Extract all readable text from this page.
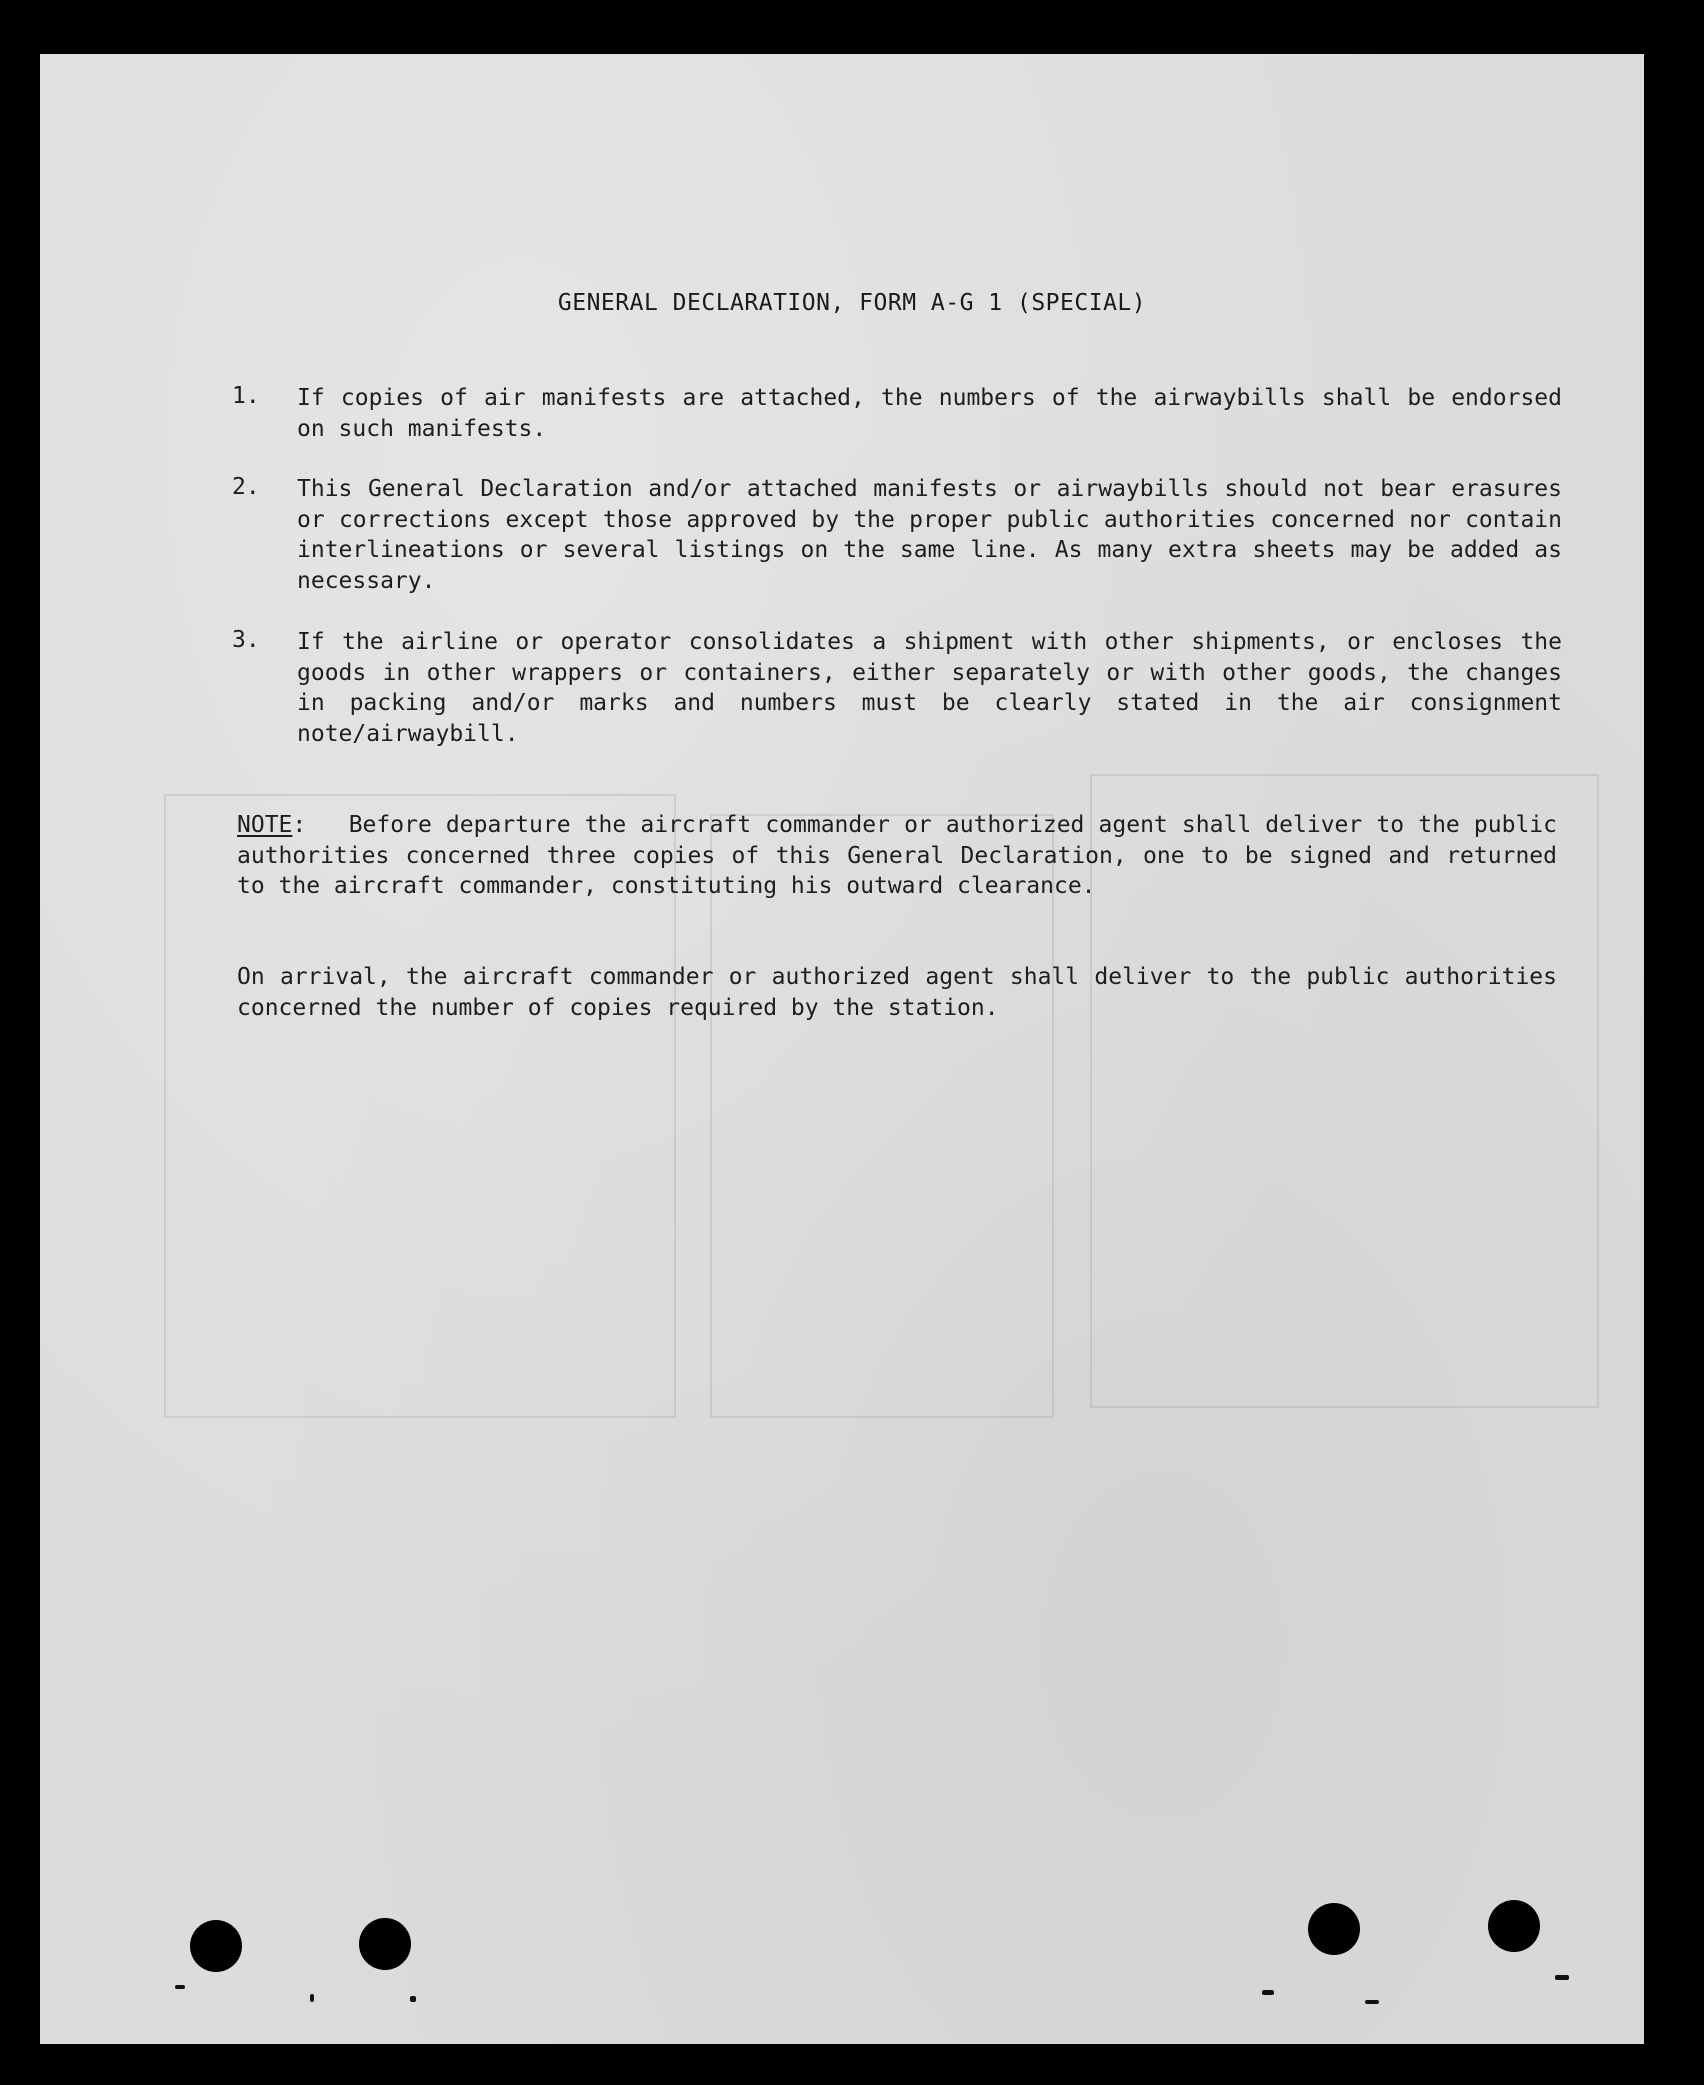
GENERAL DECLARATION, FORM A-G 1 (SPECIAL)
1. If copies of air manifests are attached, the numbers of the airwaybills shall be endorsed on such manifests.

2. This General Declaration and/or attached manifests or airwaybills should not bear erasures or corrections except those approved by the proper public authorities concerned nor contain interlineations or several listings on the same line. As many extra sheets may be added as necessary.

3. If the airline or operator consolidates a shipment with other shipments, or encloses the goods in other wrappers or containers, either separately or with other goods, the changes in packing and/or marks and numbers must be clearly stated in the air consignment note/airwaybill.

NOTE: Before departure the aircraft commander or authorized agent shall deliver to the public authorities concerned three copies of this General Declaration, one to be signed and returned to the aircraft commander, constituting his outward clearance.

On arrival, the aircraft commander or authorized agent shall deliver to the public authorities concerned the number of copies required by the station.
